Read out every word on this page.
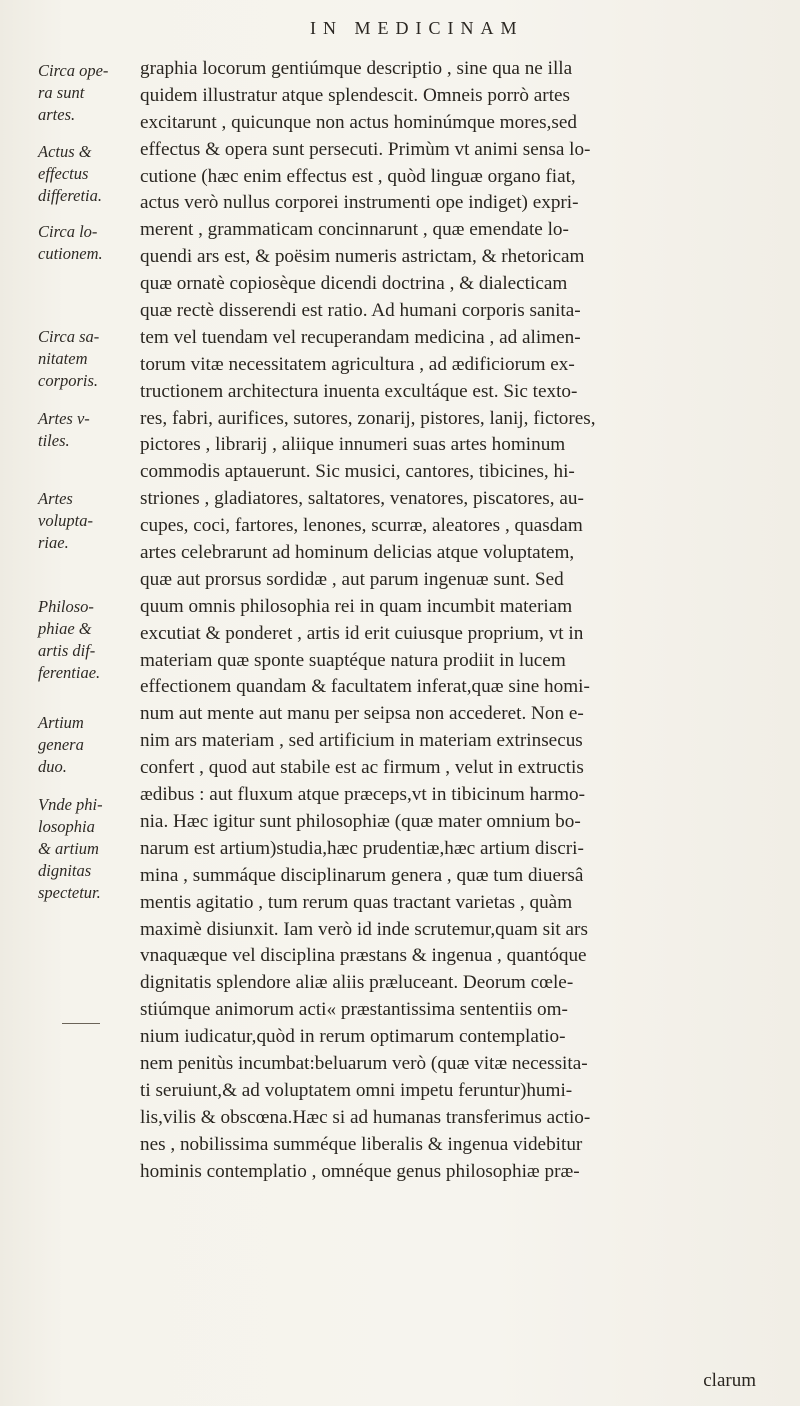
IN MEDICINAM
Circa ope-
ra sunt
artes.
Actus &
effectus
differetia.
Circa lo-
cutionem.
Circa sa-
nitatem
corporis.
Artes v-
tiles.
Artes
volupta-
riae.
Philoso-
phiae &
artis dif-
ferentiae.
Artium
genera
duo.
Vnde phi-
losophia
& artium
dignitas
spectetur.
graphia locorum gentiúmque descriptio , sine qua ne illa
quidem illustratur atque splendescit. Omneis porrò artes
excitarunt , quicunque non actus hominúmque mores,sed
effectus & opera sunt persecuti. Primùm vt animi sensa lo-
cutione (hæc enim effectus est , quòd linguæ organo fiat,
actus verò nullus corporei instrumenti ope indiget) expri-
merent , grammaticam concinnarunt , quæ emendate lo-
quendi ars est, & poësim numeris astrictam, & rhetoricam
quæ ornatè copiosèque dicendi doctrina , & dialecticam
quæ rectè disserendi est ratio. Ad humani corporis sanita-
tem vel tuendam vel recuperandam medicina , ad alimen-
torum vitæ necessitatem agricultura , ad ædificiorum ex-
tructionem architectura inuenta excultáque est. Sic texto-
res, fabri, aurifices, sutores, zonarij, pistores, lanij, fictores,
pictores , librarij , aliique innumeri suas artes hominum
commodis aptauerunt. Sic musici, cantores, tibicines, hi-
striones , gladiatores, saltatores, venatores, piscatores, au-
cupes, coci, fartores, lenones, scurræ, aleatores , quasdam
artes celebrarunt ad hominum delicias atque voluptatem,
quæ aut prorsus sordidæ , aut parum ingenuæ sunt. Sed
quum omnis philosophia rei in quam incumbit materiam
excutiat & ponderet , artis id erit cuiusque proprium, vt in
materiam quæ sponte suaptéque natura prodiit in lucem
effectionem quandam & facultatem inferat,quæ sine homi-
num aut mente aut manu per seipsa non accederet. Non e-
nim ars materiam , sed artificium in materiam extrinsecus
confert , quod aut stabile est ac firmum , velut in extructis
ædibus : aut fluxum atque præceps,vt in tibicinum harmo-
nia. Hæc igitur sunt philosophiæ (quæ mater omnium bo-
narum est artium)studia,hæc prudentiæ,hæc artium discri-
mina , summáque disciplinarum genera , quæ tum diuersâ
mentis agitatio , tum rerum quas tractant varietas , quàm
maximè disiunxit. Iam verò id inde scrutemur,quam sit ars
vnaquæque vel disciplina præstans & ingenua , quantóque
dignitatis splendore aliæ aliis præluceant. Deorum cœle-
stiúmque animorum acti« præstantissima sententiis om-
nium iudicatur,quòd in rerum optimarum contemplatio-
nem penitùs incumbat:beluarum verò (quæ vitæ necessita-
ti seruiunt,& ad voluptatem omni impetu feruntur)humi-
lis,vilis & obscœna.Hæc si ad humanas transferimus actio-
nes , nobilissima summéque liberalis & ingenua videbitur
hominis contemplatio , omnéque genus philosophiæ præ-
clarum
